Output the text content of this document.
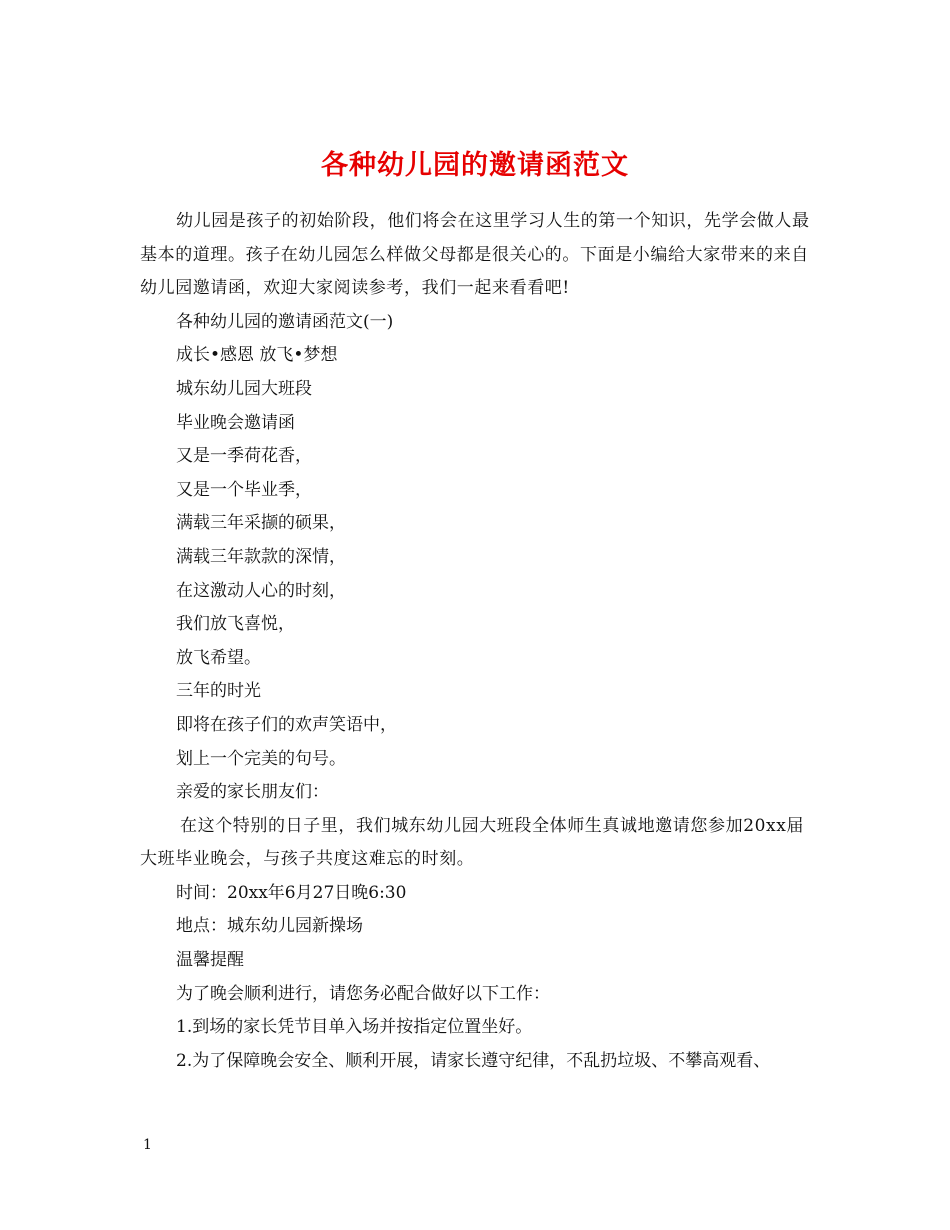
各种幼儿园的邀请函范文

幼儿园是孩子的初始阶段，他们将会在这里学习人生的第一个知识，先学会做人最基本的道理。孩子在幼儿园怎么样做父母都是很关心的。下面是小编给大家带来的来自幼儿园邀请函，欢迎大家阅读参考，我们一起来看看吧!

各种幼儿园的邀请函范文(一)

成长•感恩 放飞•梦想

城东幼儿园大班段

毕业晚会邀请函

又是一季荷花香，

又是一个毕业季，

满载三年采撷的硕果，

满载三年款款的深情，

在这激动人心的时刻，

我们放飞喜悦，

放飞希望。

三年的时光

即将在孩子们的欢声笑语中，

划上一个完美的句号。

亲爱的家长朋友们：

在这个特别的日子里，我们城东幼儿园大班段全体师生真诚地邀请您参加20xx届大班毕业晚会，与孩子共度这难忘的时刻。

时间：20xx年6月27日晚6:30

地点：城东幼儿园新操场

温馨提醒

为了晚会顺利进行，请您务必配合做好以下工作：

1.到场的家长凭节目单入场并按指定位置坐好。

2.为了保障晚会安全、顺利开展，请家长遵守纪律，不乱扔垃圾、不攀高观看、

1
